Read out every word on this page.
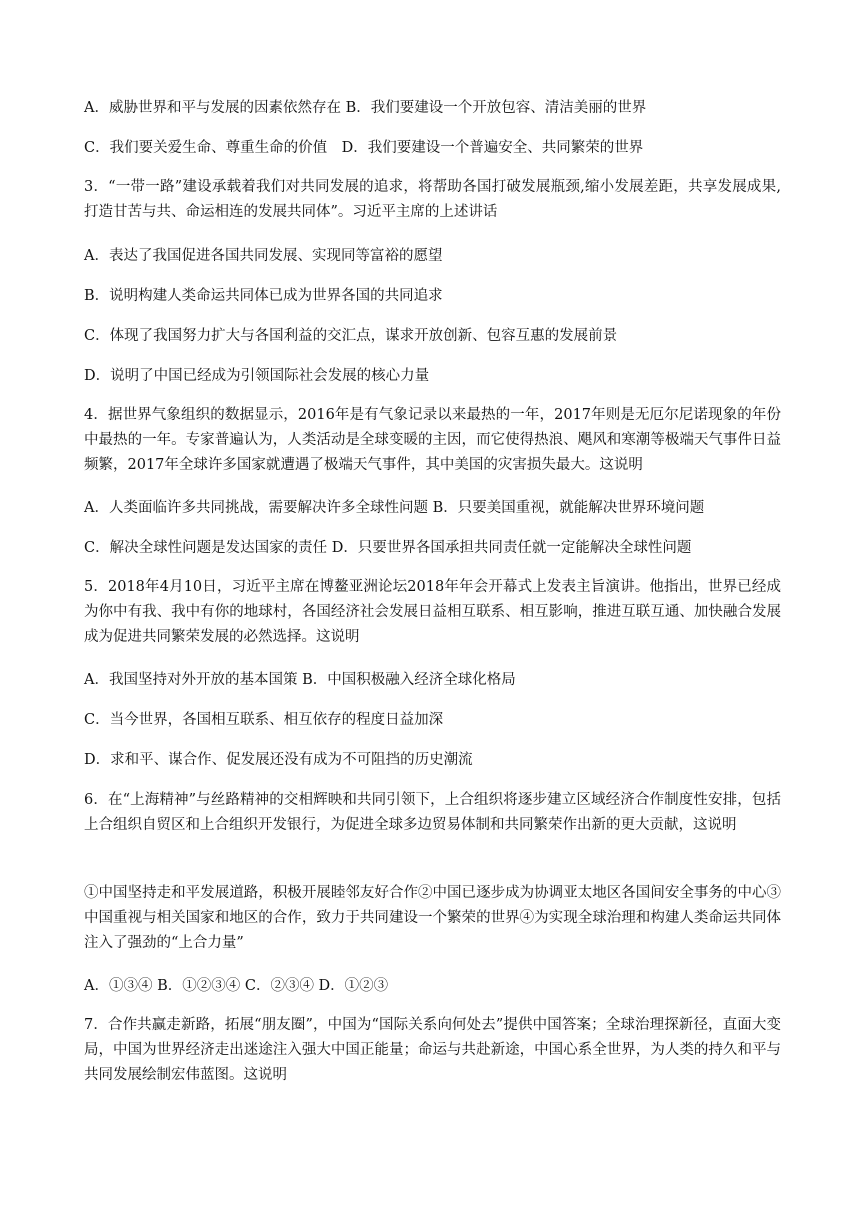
A．威胁世界和平与发展的因素依然存在 B．我们要建设一个开放包容、清洁美丽的世界
C．我们要关爱生命、尊重生命的价值　D．我们要建设一个普遍安全、共同繁荣的世界
3．“一带一路”建设承载着我们对共同发展的追求，将帮助各国打破发展瓶颈,缩小发展差距，共享发展成果,打造甘苦与共、命运相连的发展共同体”。习近平主席的上述讲话
A．表达了我国促进各国共同发展、实现同等富裕的愿望
B．说明构建人类命运共同体已成为世界各国的共同追求
C．体现了我国努力扩大与各国利益的交汇点，谋求开放创新、包容互惠的发展前景
D．说明了中国已经成为引领国际社会发展的核心力量
4．据世界气象组织的数据显示，2016年是有气象记录以来最热的一年，2017年则是无厄尔尼诺现象的年份中最热的一年。专家普遍认为，人类活动是全球变暖的主因，而它使得热浪、飓风和寒潮等极端天气事件日益频繁，2017年全球许多国家就遭遇了极端天气事件，其中美国的灾害损失最大。这说明
A．人类面临许多共同挑战，需要解决许多全球性问题 B．只要美国重视，就能解决世界环境问题
C．解决全球性问题是发达国家的责任 D．只要世界各国承担共同责任就一定能解决全球性问题
5．2018年4月10日，习近平主席在博鳌亚洲论坛2018年年会开幕式上发表主旨演讲。他指出，世界已经成为你中有我、我中有你的地球村，各国经济社会发展日益相互联系、相互影响，推进互联互通、加快融合发展成为促进共同繁荣发展的必然选择。这说明
A．我国坚持对外开放的基本国策 B．中国积极融入经济全球化格局
C．当今世界，各国相互联系、相互依存的程度日益加深
D．求和平、谋合作、促发展还没有成为不可阻挡的历史潮流
6．在“上海精神”与丝路精神的交相辉映和共同引领下，上合组织将逐步建立区域经济合作制度性安排，包括上合组织自贸区和上合组织开发银行，为促进全球多边贸易体制和共同繁荣作出新的更大贡献，这说明
①中国坚持走和平发展道路，积极开展睦邻友好合作②中国已逐步成为协调亚太地区各国间安全事务的中心③中国重视与相关国家和地区的合作，致力于共同建设一个繁荣的世界④为实现全球治理和构建人类命运共同体注入了强劲的“上合力量”
A．①③④ B．①②③④ C．②③④ D．①②③
7．合作共赢走新路，拓展“朋友圈”，中国为“国际关系向何处去”提供中国答案；全球治理探新径，直面大变局，中国为世界经济走出迷途注入强大中国正能量；命运与共赴新途，中国心系全世界，为人类的持久和平与共同发展绘制宏伟蓝图。这说明
